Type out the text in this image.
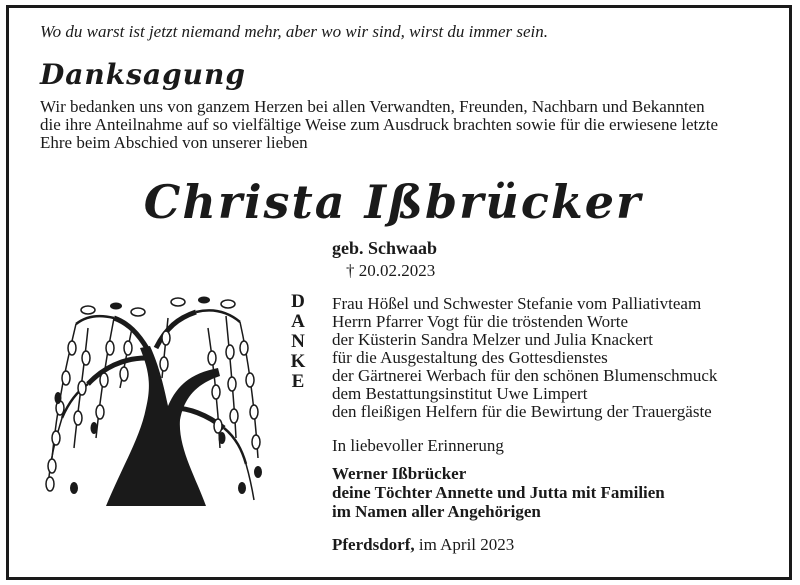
Wo du warst ist jetzt niemand mehr, aber wo wir sind, wirst du immer sein.
Danksagung
Wir bedanken uns von ganzem Herzen bei allen Verwandten, Freunden, Nachbarn und Bekannten
die ihre Anteilnahme auf so vielfältige Weise zum Ausdruck brachten sowie für die erwiesene letzte
Ehre beim Abschied von unserer lieben
Christa Ißbrücker
geb. Schwaab
† 20.02.2023
D
A
N
K
E
Frau Hößel und Schwester Stefanie vom Palliativteam
Herrn Pfarrer Vogt für die tröstenden Worte
der Küsterin Sandra Melzer und Julia Knackert
für die Ausgestaltung des Gottesdienstes
der Gärtnerei Werbach für den schönen Blumenschmuck
dem Bestattungsinstitut Uwe Limpert
den fleißigen Helfern für die Bewirtung der Trauergäste
In liebevoller Erinnerung
Werner Ißbrücker
deine Töchter Annette und Jutta mit Familien
im Namen aller Angehörigen
Pferdsdorf, im April 2023
